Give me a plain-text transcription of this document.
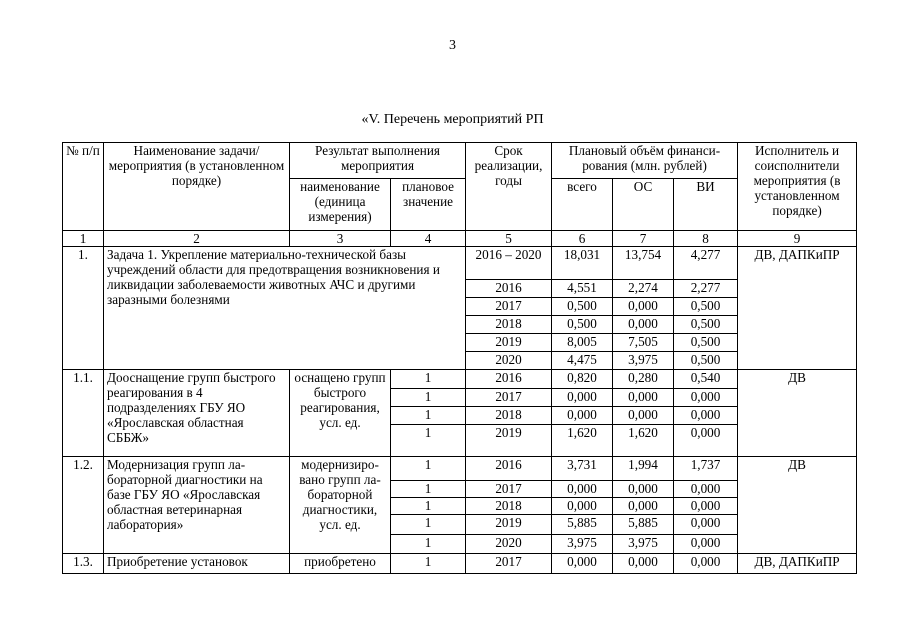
3
«V. Перечень мероприятий РП
№ п/п	Наименование задачи/мероприятия (в установленном порядке)	Результат выполнения мероприятия		Срок реализации, годы	Плановый объём финансирования (млн. рублей)			Исполнитель и соисполнители мероприятия (в установленном порядке)
		наименование (единица измерения)	плановое значение		всего	ОС	ВИ	
1	2	3	4	5	6	7	8	9
1.	Задача 1. Укрепление материально-технической базы учреждений области для предотвращения возникновения и ликвидации заболеваемости животных АЧС и другими заразными болезнями			2016 – 2020	18,031	13,754	4,277	ДВ, ДАПКиПР
				2016	4,551	2,274	2,277	
				2017	0,500	0,000	0,500	
				2018	0,500	0,000	0,500	
				2019	8,005	7,505	0,500	
				2020	4,475	3,975	0,500	
1.1.	Дооснащение групп быстрого реагирования в 4 подразделениях ГБУ ЯО «Ярославская областная СББЖ»	оснащено групп быстрого реагирования, усл. ед.	1	2016	0,820	0,280	0,540	ДВ
			1	2017	0,000	0,000	0,000	
			1	2018	0,000	0,000	0,000	
			1	2019	1,620	1,620	0,000	
1.2.	Модернизация групп лабораторной диагностики на базе ГБУ ЯО «Ярославская областная ветеринарная лаборатория»	модернизировано групп лабораторной диагностики, усл. ед.	1	2016	3,731	1,994	1,737	ДВ
			1	2017	0,000	0,000	0,000	
			1	2018	0,000	0,000	0,000	
			1	2019	5,885	5,885	0,000	
			1	2020	3,975	3,975	0,000	
1.3.	Приобретение установок	приобретено	1	2017	0,000	0,000	0,000	ДВ, ДАПКиПР
